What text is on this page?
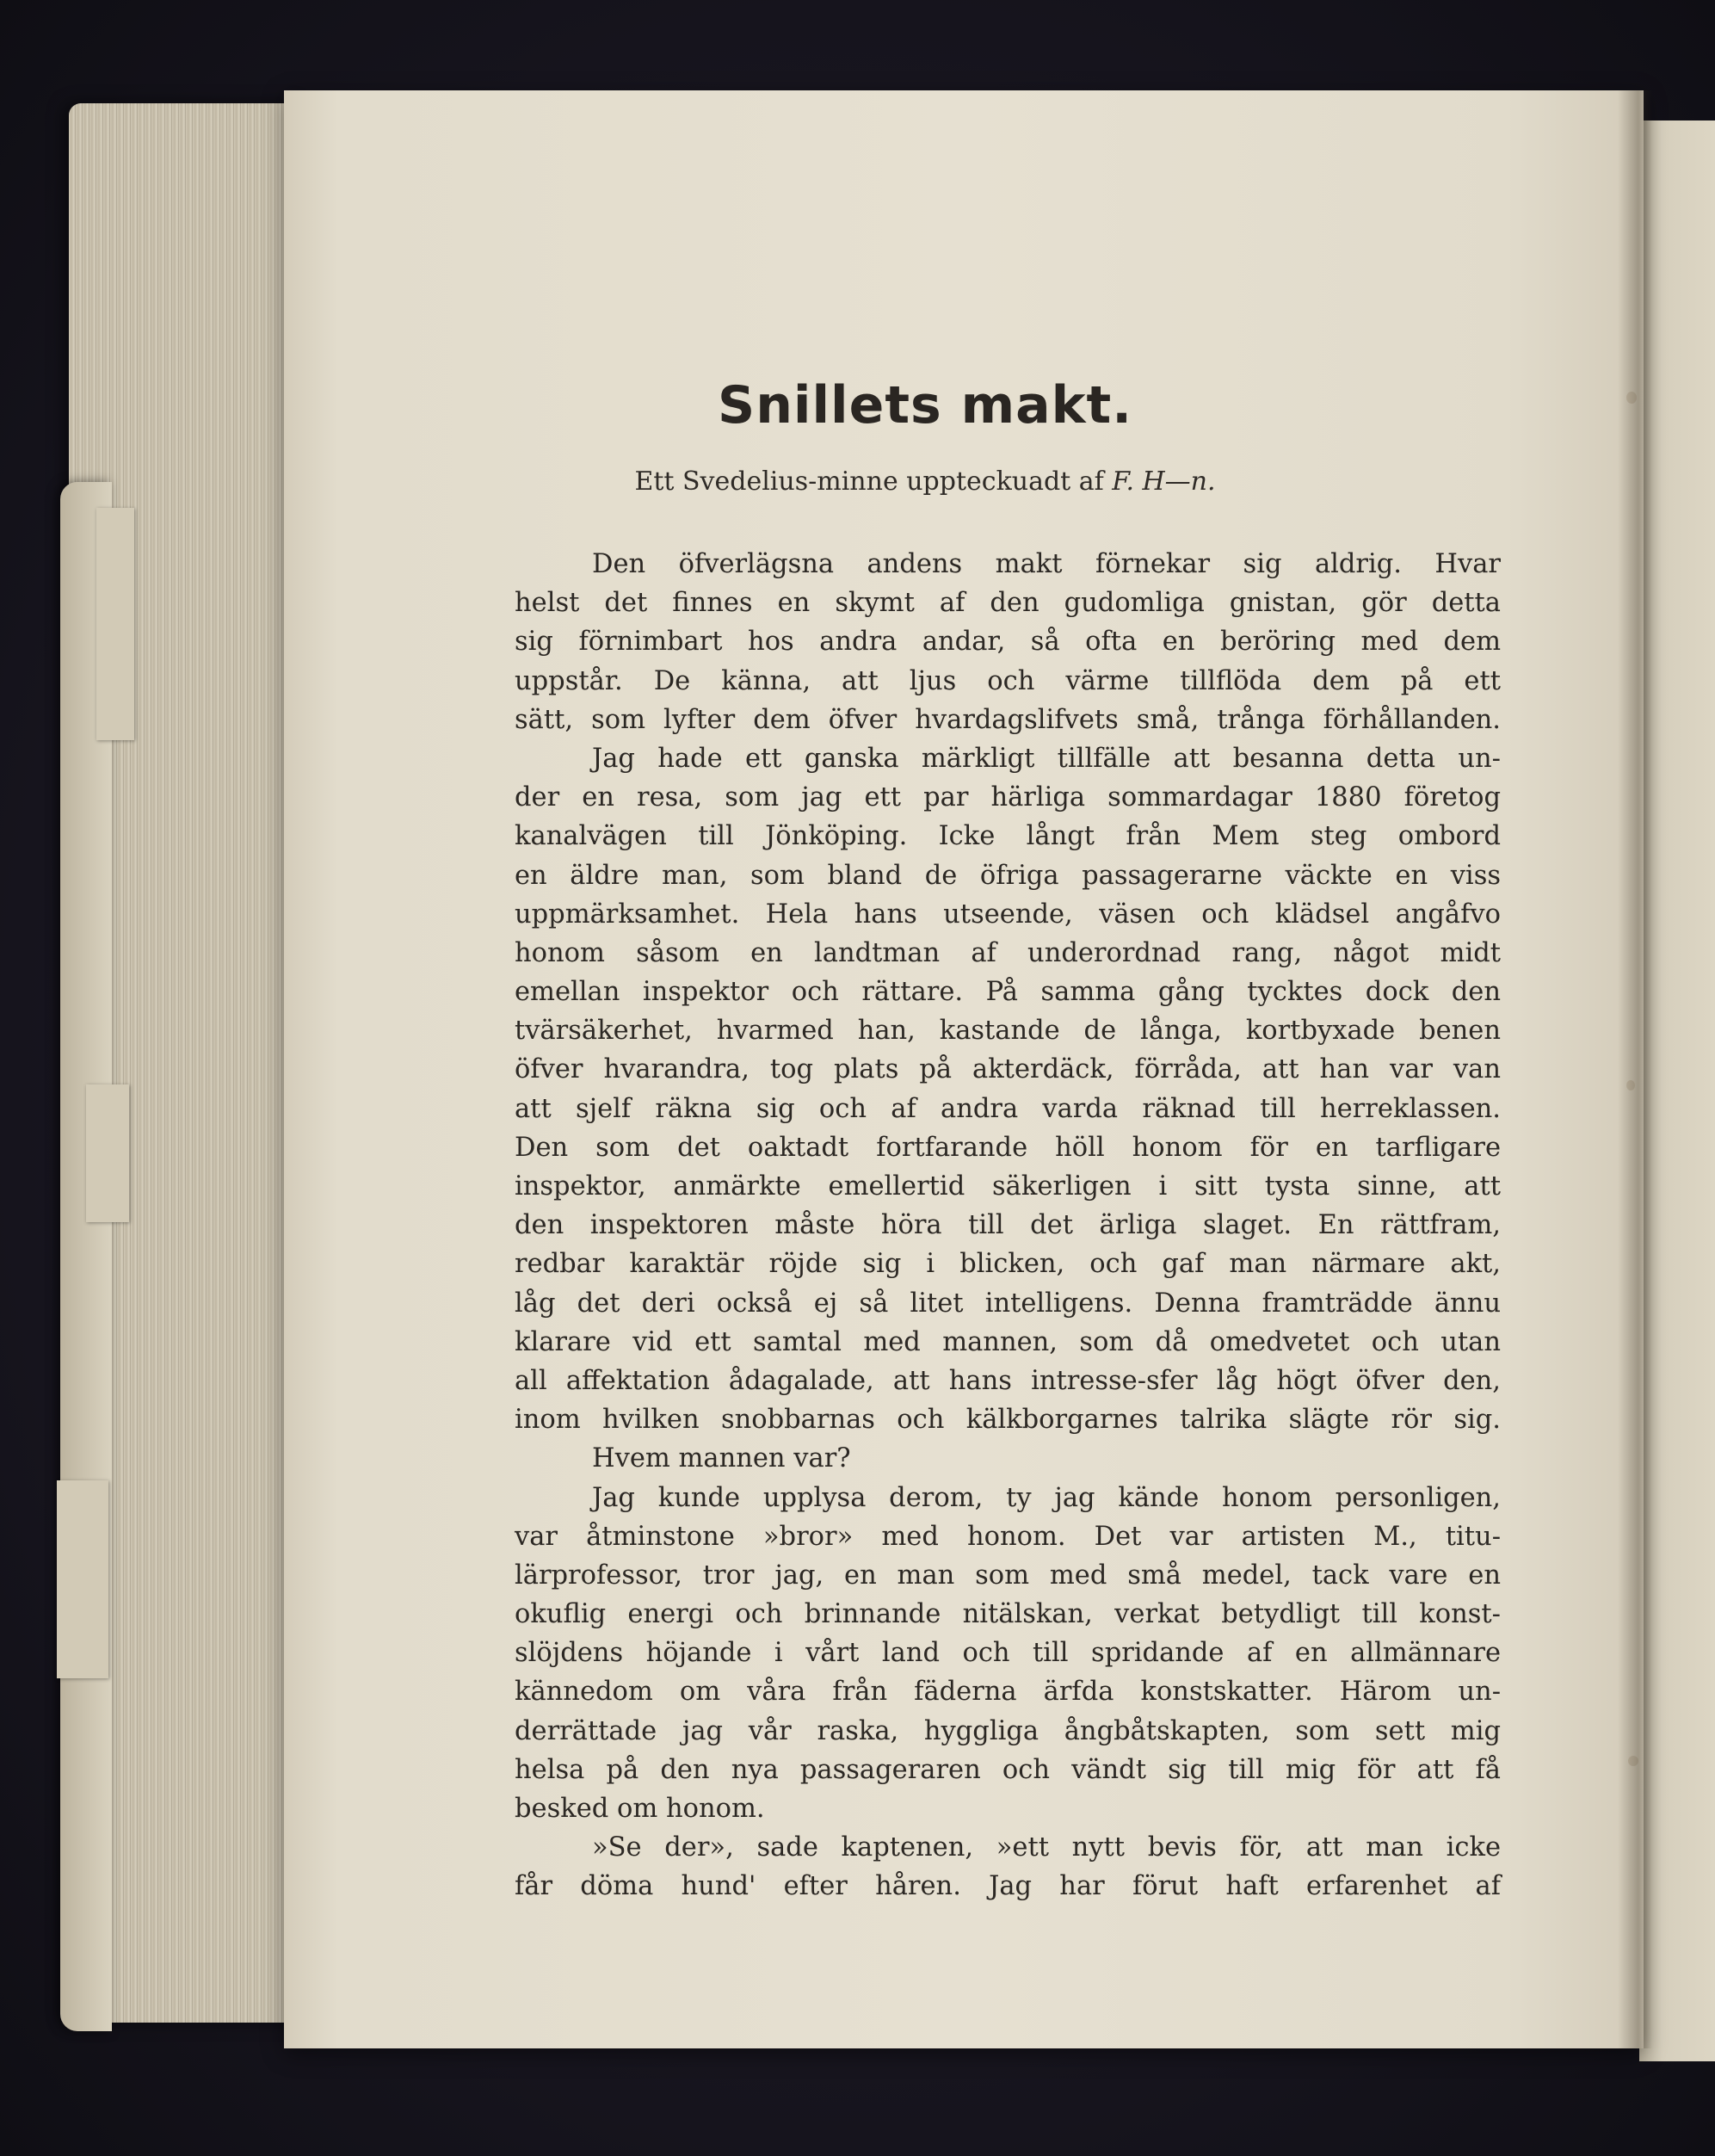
Snillets makt.
Ett Svedelius-minne uppteckuadt af F. H—n.
Den öfverlägsna andens makt förnekar sig aldrig. Hvar
helst det finnes en skymt af den gudomliga gnistan, gör detta
sig förnimbart hos andra andar, så ofta en beröring med dem
uppstår. De känna, att ljus och värme tillflöda dem på ett
sätt, som lyfter dem öfver hvardagslifvets små, trånga förhållanden.
Jag hade ett ganska märkligt tillfälle att besanna detta un-
der en resa, som jag ett par härliga sommardagar 1880 företog
kanalvägen till Jönköping. Icke långt från Mem steg ombord
en äldre man, som bland de öfriga passagerarne väckte en viss
uppmärksamhet. Hela hans utseende, väsen och klädsel angåfvo
honom såsom en landtman af underordnad rang, något midt
emellan inspektor och rättare. På samma gång tycktes dock den
tvärsäkerhet, hvarmed han, kastande de långa, kortbyxade benen
öfver hvarandra, tog plats på akterdäck, förråda, att han var van
att sjelf räkna sig och af andra varda räknad till herreklassen.
Den som det oaktadt fortfarande höll honom för en tarfligare
inspektor, anmärkte emellertid säkerligen i sitt tysta sinne, att
den inspektoren måste höra till det ärliga slaget. En rättfram,
redbar karaktär röjde sig i blicken, och gaf man närmare akt,
låg det deri också ej så litet intelligens. Denna framträdde ännu
klarare vid ett samtal med mannen, som då omedvetet och utan
all affektation ådagalade, att hans intresse-sfer låg högt öfver den,
inom hvilken snobbarnas och kälkborgarnes talrika slägte rör sig.
Hvem mannen var?
Jag kunde upplysa derom, ty jag kände honom personligen,
var åtminstone »bror» med honom. Det var artisten M., titu-
lärprofessor, tror jag, en man som med små medel, tack vare en
okuflig energi och brinnande nitälskan, verkat betydligt till konst-
slöjdens höjande i vårt land och till spridande af en allmännare
kännedom om våra från fäderna ärfda konstskatter. Härom un-
derrättade jag vår raska, hyggliga ångbåtskapten, som sett mig
helsa på den nya passageraren och vändt sig till mig för att få
besked om honom.
»Se der», sade kaptenen, »ett nytt bevis för, att man icke
får döma hund' efter håren. Jag har förut haft erfarenhet af
